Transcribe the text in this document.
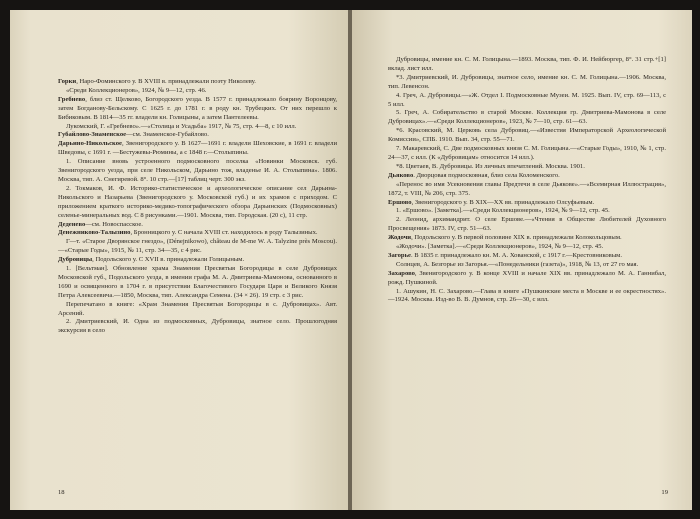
Горки, Наро-Фоминского у. В XVIII в. принадлежали поэту Николеву.

«Среди Коллекционеров», 1924, № 9—12, стр. 46.

Гребнево, близ ст. Щелково, Богородского уезда. В 1577 г. принадлежало боярину Воронцову, затем Богданову-Бельскому. С 1625 г. до 1781 г. в роду кн. Трубецких. От них перешло к Бибиковым. В 1814—35 гг. владели кн. Голицыны, а затем Пантелеевы.

Лукомский, Г. «Гребнево».—«Столица и Усадьба» 1917, № 75, стр. 4—8, с 10 илл.

Губайлово-Знаменское—см. Знаменское-Губайлово.

Дарьино-Никольское, Звенигородского у. В 1627—1691 г. владели Шеховские, в 1691 г. владели Шведовы, с 1691 г. —Бестужевы-Рюмины, а с 1848 г.—Столыпины.

1. Описание вновь устроенного подмосковного поселка «Новинки Московск. губ. Звенигородского уезда, при селе Никольском, Дарьино тож, владенье И. А. Столыпина». 1806. Москва, тип. А. Снегиревой. 8°. 10 стр.—[17] таблиц черт. 300 экз.

2. Токмаков, И. Ф. Историко-статистическое и археологическое описание сел Дарьина-Никольского и Назарьева (Звенигородского у. Московской губ.) и их храмов с приходом. С приложением краткого историко-медико-топографического обзора Дарьинских (Подмосковных) селенье-минеральных вод. С 8 рисунками.—1901. Москва, тип. Городская. (20 с), 11 стр.

Деденево—см. Новоспасское.

Денежниково-Талызино, Бронницкого у. С начала XVIII ст. находилось в роду Талызиных.

Г—т. «Старое Дворянское гнездо», (Dénejnikowo), château de M-me W. A. Talyzine près Moscou).—«Старые Годы», 1915, № 11, стр. 34—35, с 4 рис.

Дубровицы, Подольского у. С XVII в. принадлежали Голицыным.

1. [Вельтман]. Обновление храма Знамения Пресвятыя Богородицы в селе Дубровицах Московской губ., Подольского уезда, в имении графа М. А. Дмитриева-Мамонова, основанного в 1690 и освященного в 1704 г. в присутствии Благочестивого Государя Царя и Великого Князя Петра Алексеевича.—1850, Москва, тип. Александра Семена. (34 × 26). 19 стр. с 3 рис.

Перепечатано в книге: «Храм Знамения Пресвятыя Богородицы в с. Дубровицах». Авт. Арсений.

2. Дмитриевский, И. Одна из подмосковных, Дубровицы, знатное село. Прошлогодняя экскурсия в село

18

Дубровицы, имение кн. С. М. Голицына.—1893. Москва, тип. Ф. И. Нейбюргер, 8°. 31 стр.+[1] вклад. лист илл.

*3. Дмитриевский, И. Дубровицы, знатное село, имение кн. С. М. Голицына.—1906. Москва, тип. Левенсон.

4. Греч, А. Дубровицы.—«Ж. Отдел I. Подмосковные Музеи. М. 1925. Вып. IV, стр. 69—113, с 5 илл.

5. Греч, А. Собирательство в старой Москве. Коллекция гр. Дмитриева-Мамонова в селе Дубровицах».—«Среди Коллекционеров», 1923, № 7—10, стр. 61—63.

*6. Красовский, М. Церковь села Дубровиц.—«Известия Императорской Археологической Комиссии», СПБ. 1910. Вып. 34, стр. 55—71.

7. Макаревский, С. Две подмосковных князя С. М. Голицына.—«Старые Годы», 1910, № 1, стр. 24—37, с илл. (К «Дубровицам» относится 14 илл.).

*8. Цветаев, В. Дубровицы. Из личных впечатлений. Москва. 1901.

Дьяково. Дворцовая подмосковная, близ села Коломенского.

«Перенос во имя Усекновения главы Предтечи в селе Дьякове».—«Всемирная Иллюстрация», 1872, т. VIII, № 206, стр. 375.

Ершово, Звенигородского у. В XIX—XX вв. принадлежало Олсуфьевым.

1. «Ершово». [Заметка].—«Среди Коллекционеров», 1924, № 9—12, стр. 45.

2. Леонид, архимандрит. О селе Ершове.—«Чтения в Обществе Любителей Духовного Просвещения» 1873. IV, стр. 51—63.

Жодочи, Подольского у. В первой половине XIX в. принадлежали Колокольцовым.

«Жодочи». [Заметка].—«Среди Коллекционеров», 1924, № 9—12, стр. 45.

Загорье. В 1835 г. принадлежало кн. М. А. Хованской, с 1917 г.—Крестовниковым.

Солнцев, А. Безгорье из Загорья.—«Понедельники (газета)», 1918, № 13, от 27 го мая.

Захарово, Звенигородского у. В конце XVIII и начале XIX вв. принадлежало М. А. Ганнибал, рожд. Пушкиной.

1. Ашукин, Н. С. Захарово.—Глава в книге «Пушкинские места в Москве и ее окрестностях».—1924. Москва. Изд-во В. В. Думнов, стр. 26—30, с илл.

19
